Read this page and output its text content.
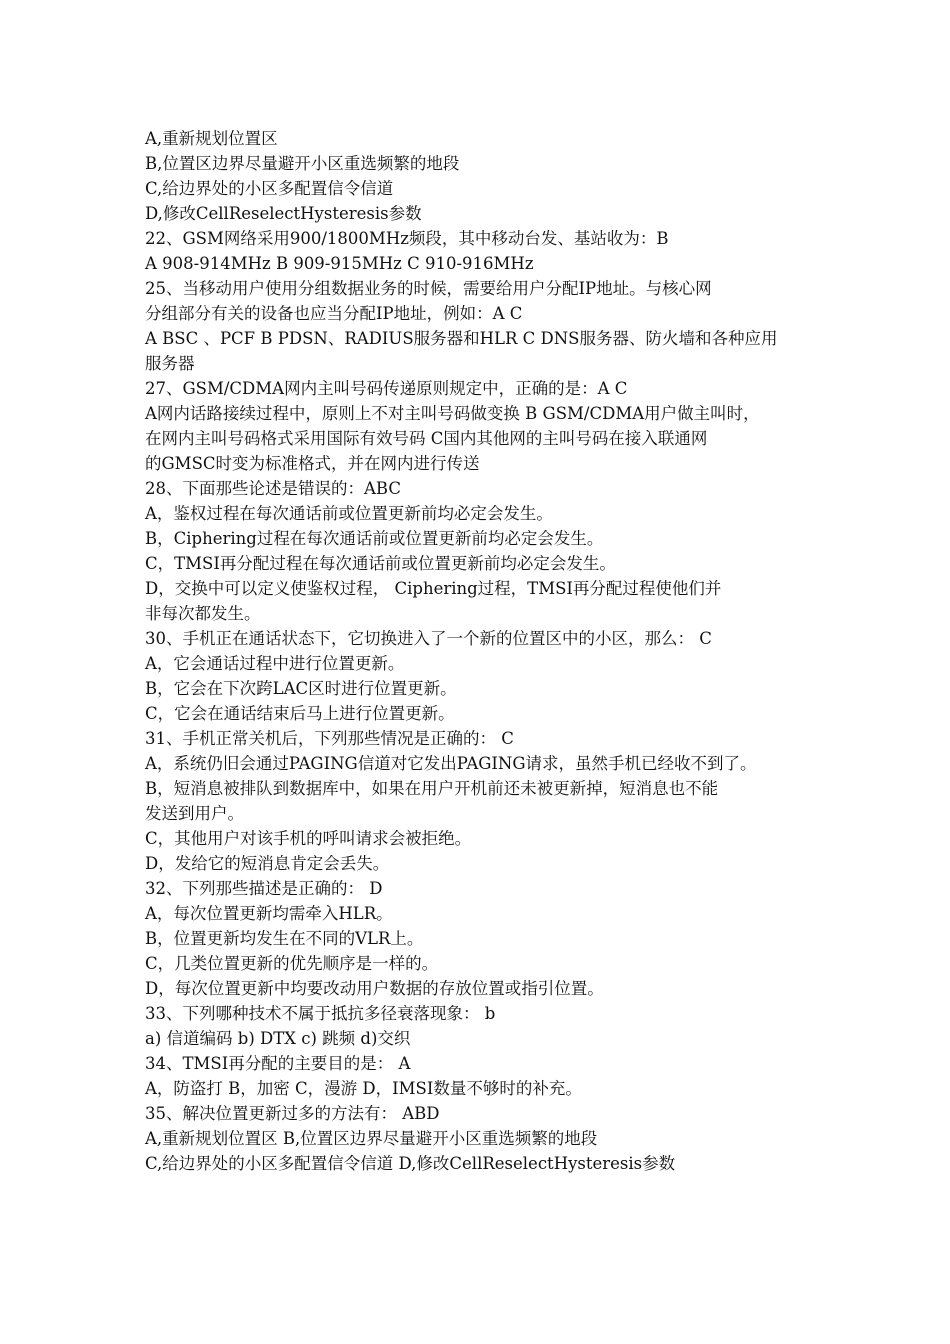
A,重新规划位置区
B,位置区边界尽量避开小区重选频繁的地段
C,给边界处的小区多配置信令信道
D,修改CellReselectHysteresis参数
22、GSM网络采用900/1800MHz频段，其中移动台发、基站收为：B
A 908-914MHz B 909-915MHz C 910-916MHz
25、当移动用户使用分组数据业务的时候，需要给用户分配IP地址。与核心网
分组部分有关的设备也应当分配IP地址，例如：A C
A BSC 、PCF B PDSN、RADIUS服务器和HLR C DNS服务器、防火墙和各种应用
服务器
27、GSM/CDMA网内主叫号码传递原则规定中，正确的是：A C
A网内话路接续过程中，原则上不对主叫号码做变换 B GSM/CDMA用户做主叫时，
在网内主叫号码格式采用国际有效号码 C国内其他网的主叫号码在接入联通网
的GMSC时变为标准格式，并在网内进行传送
28、下面那些论述是错误的：ABC
A，鉴权过程在每次通话前或位置更新前均必定会发生。
B，Ciphering过程在每次通话前或位置更新前均必定会发生。
C，TMSI再分配过程在每次通话前或位置更新前均必定会发生。
D，交换中可以定义使鉴权过程， Ciphering过程，TMSI再分配过程使他们并
非每次都发生。
30、手机正在通话状态下，它切换进入了一个新的位置区中的小区，那么： C
A，它会通话过程中进行位置更新。
B，它会在下次跨LAC区时进行位置更新。
C，它会在通话结束后马上进行位置更新。
31、手机正常关机后，下列那些情况是正确的： C
A，系统仍旧会通过PAGING信道对它发出PAGING请求，虽然手机已经收不到了。
B，短消息被排队到数据库中，如果在用户开机前还未被更新掉，短消息也不能
发送到用户。
C，其他用户对该手机的呼叫请求会被拒绝。
D，发给它的短消息肯定会丢失。
32、下列那些描述是正确的： D
A，每次位置更新均需牵入HLR。
B，位置更新均发生在不同的VLR上。
C，几类位置更新的优先顺序是一样的。
D，每次位置更新中均要改动用户数据的存放位置或指引位置。
33、下列哪种技术不属于抵抗多径衰落现象： b
a) 信道编码 b) DTX c) 跳频 d)交织
34、TMSI再分配的主要目的是： A
A，防盗打 B，加密 C，漫游 D，IMSI数量不够时的补充。
35、解决位置更新过多的方法有： ABD
A,重新规划位置区 B,位置区边界尽量避开小区重选频繁的地段
C,给边界处的小区多配置信令信道 D,修改CellReselectHysteresis参数
